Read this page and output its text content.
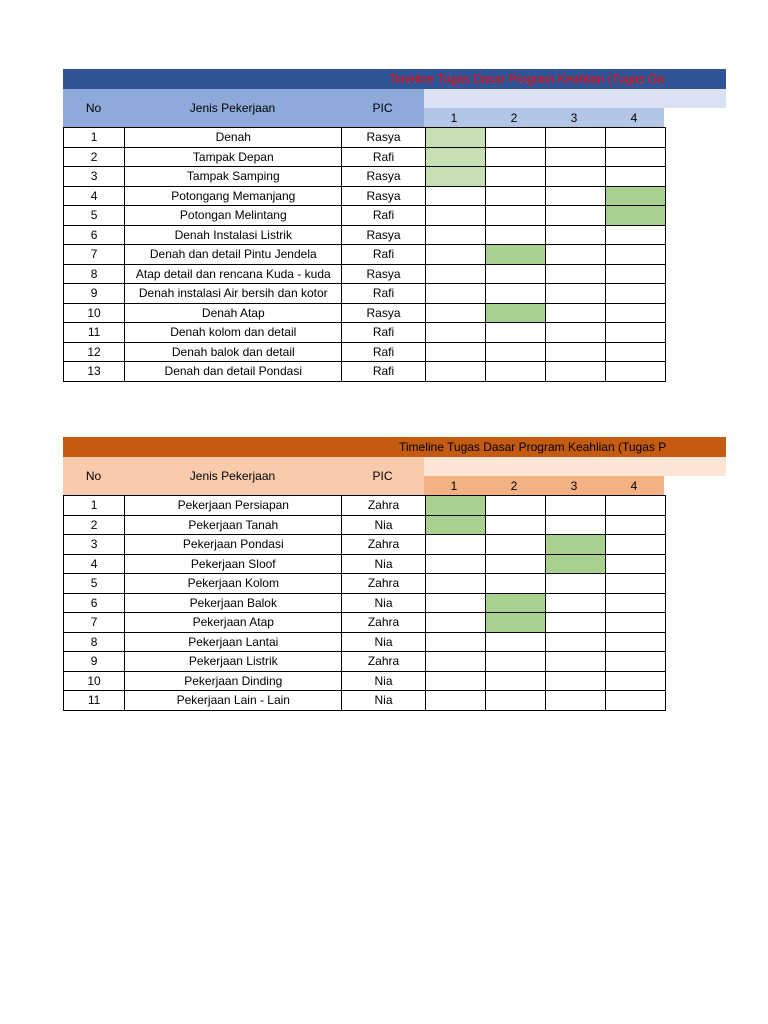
Timeline Tugas Dasar Program Keahlian (Tugas Ga
No	Jenis Pekerjaan	PIC
1	2	3	4
1	Denah	Rasya				
2	Tampak Depan	Rafi				
3	Tampak Samping	Rasya				
4	Potongang Memanjang	Rasya				
5	Potongan Melintang	Rafi				
6	Denah Instalasi Listrik	Rasya				
7	Denah dan detail Pintu Jendela	Rafi				
8	Atap detail dan rencana Kuda - kuda	Rasya				
9	Denah instalasi Air bersih dan kotor	Rafi				
10	Denah Atap	Rasya				
11	Denah kolom dan detail	Rafi				
12	Denah balok dan detail	Rafi				
13	Denah dan detail Pondasi	Rafi				
Timeline Tugas Dasar Program Keahlian (Tugas P
No	Jenis Pekerjaan	PIC
1	2	3	4
1	Pekerjaan Persiapan	Zahra				
2	Pekerjaan Tanah	Nia				
3	Pekerjaan Pondasi	Zahra				
4	Pekerjaan Sloof	Nia				
5	Pekerjaan Kolom	Zahra				
6	Pekerjaan Balok	Nia				
7	Pekerjaan Atap	Zahra				
8	Pekerjaan Lantai	Nia				
9	Pekerjaan Listrik	Zahra				
10	Pekerjaan Dinding	Nia				
11	Pekerjaan Lain - Lain	Nia				
